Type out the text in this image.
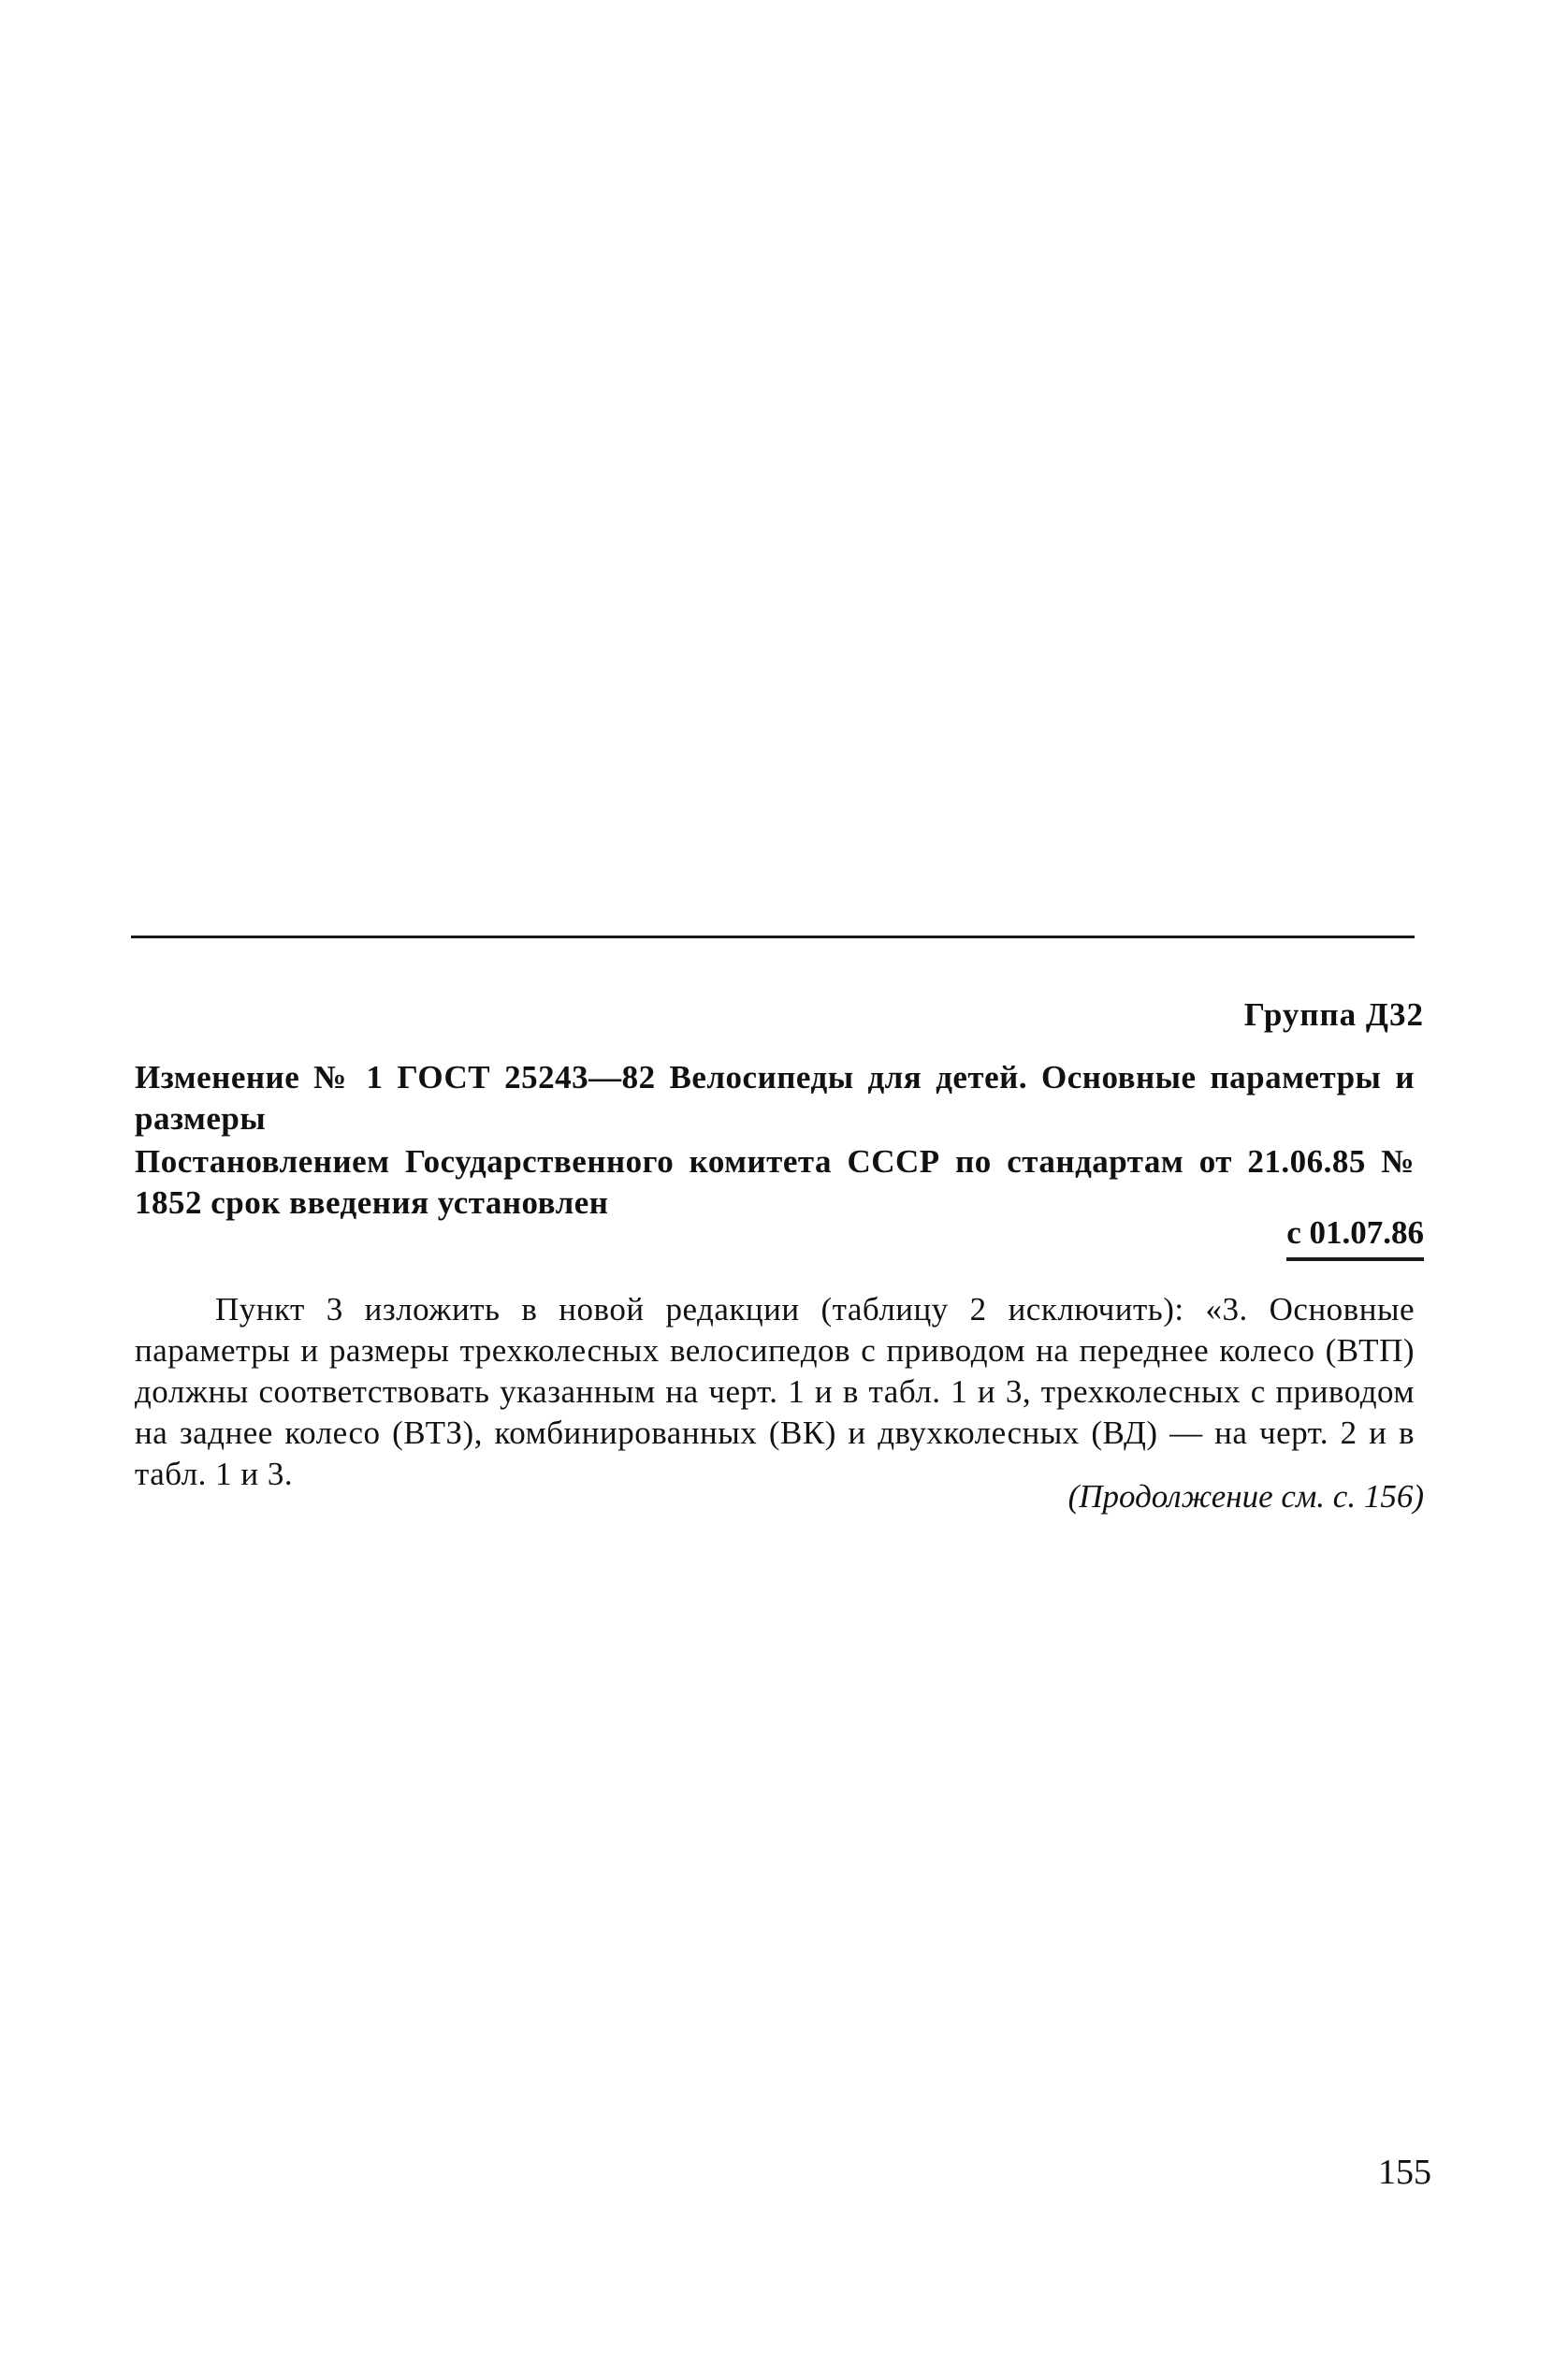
Группа Д32
Изменение № 1 ГОСТ 25243—82 Велосипеды для детей. Основные параметры и размеры
Постановлением Государственного комитета СССР по стандартам от 21.06.85 № 1852 срок введения установлен
с 01.07.86
Пункт 3 изложить в новой редакции (таблицу 2 исключить): «3. Основные параметры и размеры трехколесных велосипедов с приводом на переднее колесо (ВТП) должны соответствовать указанным на черт. 1 и в табл. 1 и 3, трехколесных с приводом на заднее колесо (ВТЗ), комбинированных (ВК) и двухколесных (ВД) — на черт. 2 и в табл. 1 и 3.
(Продолжение см. с. 156)
155
